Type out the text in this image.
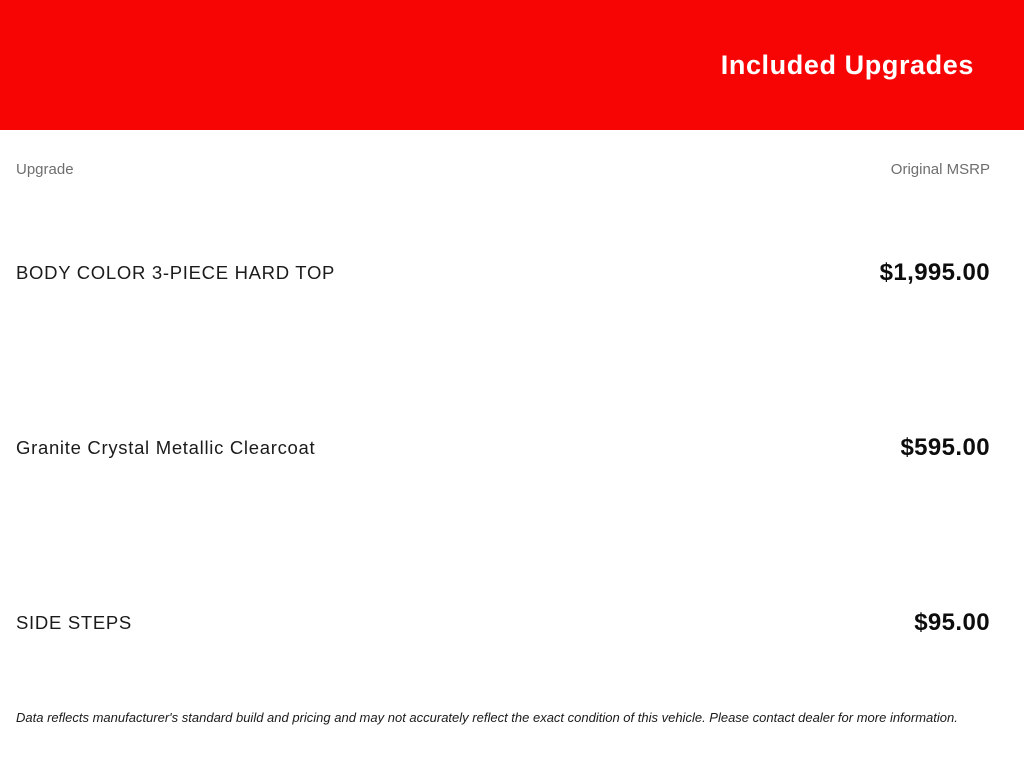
Included Upgrades
Upgrade	Original MSRP
BODY COLOR 3-PIECE HARD TOP	$1,995.00
Granite Crystal Metallic Clearcoat	$595.00
SIDE STEPS	$95.00
Data reflects manufacturer's standard build and pricing and may not accurately reflect the exact condition of this vehicle. Please contact dealer for more information.
